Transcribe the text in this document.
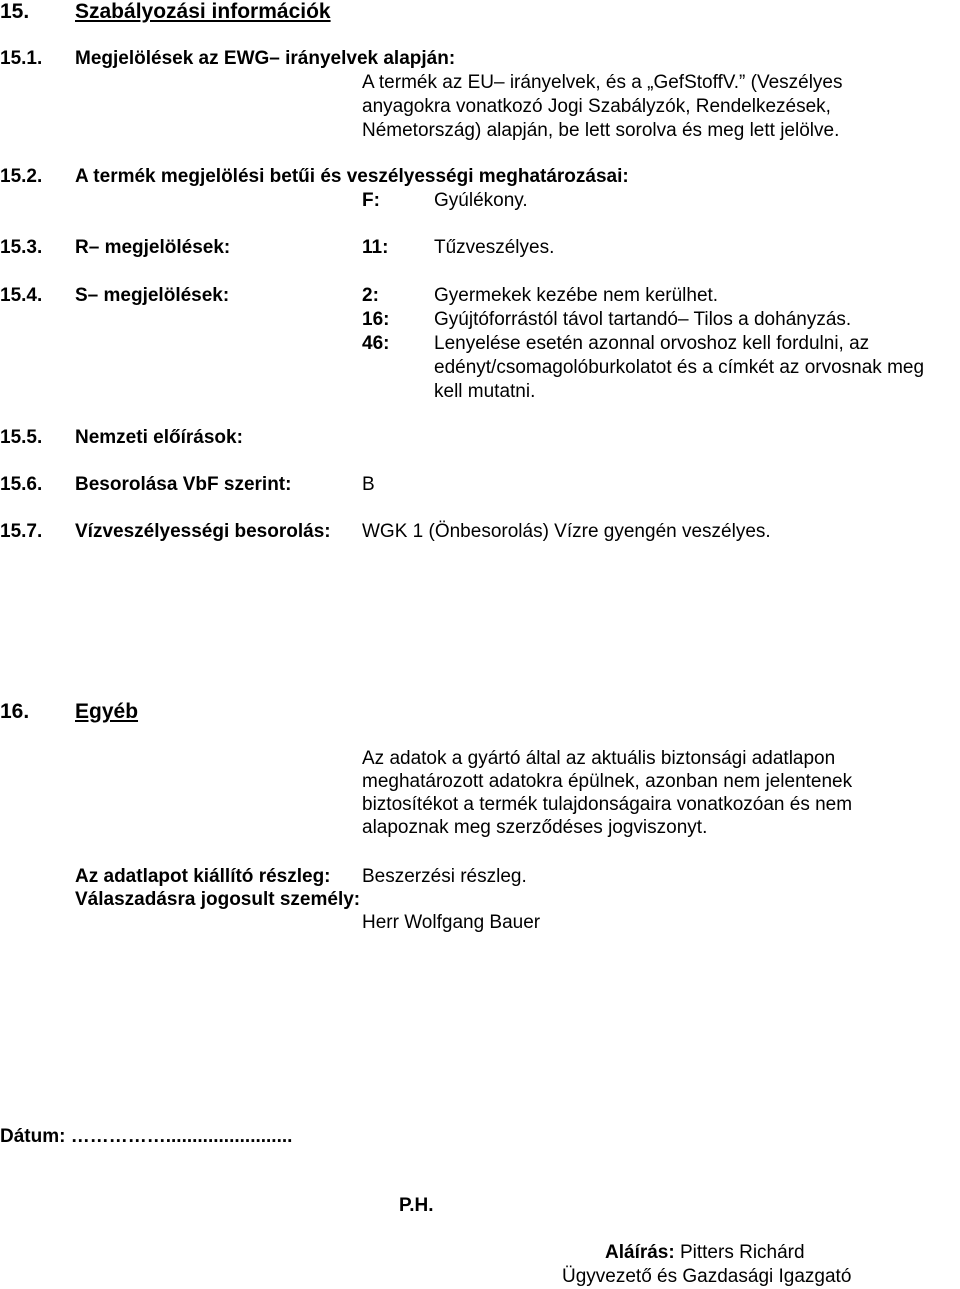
15. Szabályozási információk
15.1. Megjelölések az EWG– irányelvek alapján:
A termék az EU– irányelvek, és a „GefStoffV.” (Veszélyes
anyagokra vonatkozó Jogi Szabályzók, Rendelkezések,
Németország) alapján, be lett sorolva és meg lett jelölve.
15.2. A termék megjelölési betűi és veszélyességi meghatározásai:
F:	Gyúlékony.
15.3. R– megjelölések:	11: Tűzveszélyes.
15.4. S– megjelölések:	2:	Gyermekek kezébe nem kerülhet.
16: Gyújtóforrástól távol tartandó– Tilos a dohányzás.
46: Lenyelése esetén azonnal orvoshoz kell fordulni, az
edényt/csomagolóburkolatot és a címkét az orvosnak meg
kell mutatni.
15.5. Nemzeti előírások:
15.6. Besorolása VbF szerint:	B
15.7. Vízveszélyességi besorolás: WGK 1 (Önbesorolás) Vízre gyengén veszélyes.
16. Egyéb
Az adatok a gyártó által az aktuális biztonsági adatlapon
meghatározott adatokra épülnek, azonban nem jelentenek
biztosítékot a termék tulajdonságaira vonatkozóan és nem
alapoznak meg szerződéses jogviszonyt.
Az adatlapot kiállító részleg: Beszerzési részleg.
Válaszadásra jogosult személy:
Herr Wolfgang Bauer
Dátum: ……………........................
P.H.
Aláírás: Pitters Richárd
Ügyvezető és Gazdasági Igazgató
